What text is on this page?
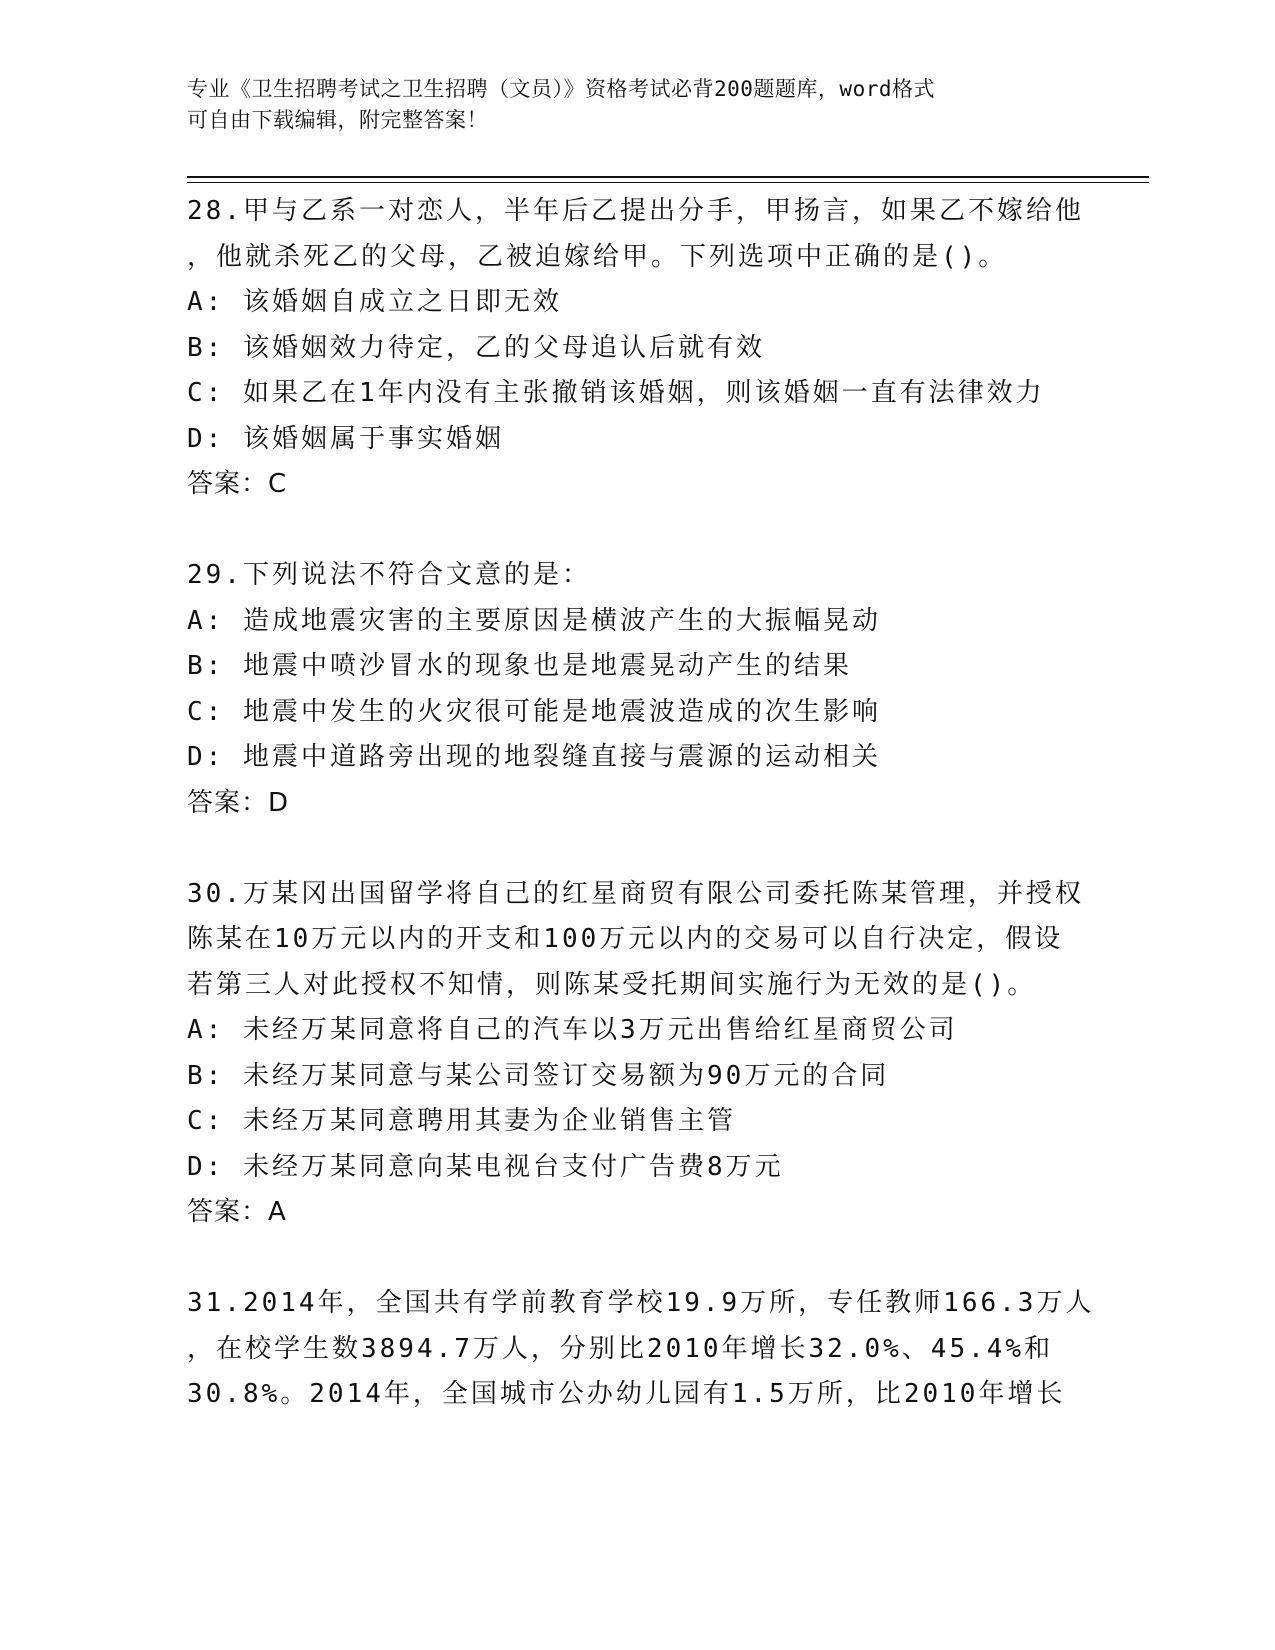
专业《卫生招聘考试之卫生招聘（文员）》资格考试必背200题题库，word格式
可自由下载编辑，附完整答案！
28.甲与乙系一对恋人，半年后乙提出分手，甲扬言，如果乙不嫁给他
，他就杀死乙的父母，乙被迫嫁给甲。下列选项中正确的是()。
A: 该婚姻自成立之日即无效
B: 该婚姻效力待定，乙的父母追认后就有效
C: 如果乙在1年内没有主张撤销该婚姻，则该婚姻一直有法律效力
D: 该婚姻属于事实婚姻
答案：C
29.下列说法不符合文意的是：
A: 造成地震灾害的主要原因是横波产生的大振幅晃动
B: 地震中喷沙冒水的现象也是地震晃动产生的结果
C: 地震中发生的火灾很可能是地震波造成的次生影响
D: 地震中道路旁出现的地裂缝直接与震源的运动相关
答案：D
30.万某冈出国留学将自己的红星商贸有限公司委托陈某管理，并授权
陈某在10万元以内的开支和100万元以内的交易可以自行决定，假设
若第三人对此授权不知情，则陈某受托期间实施行为无效的是()。
A: 未经万某同意将自己的汽车以3万元出售给红星商贸公司
B: 未经万某同意与某公司签订交易额为90万元的合同
C: 未经万某同意聘用其妻为企业销售主管
D: 未经万某同意向某电视台支付广告费8万元
答案：A
31.2014年，全国共有学前教育学校19.9万所，专任教师166.3万人
，在校学生数3894.7万人，分别比2010年增长32.0%、45.4%和
30.8%。2014年，全国城市公办幼儿园有1.5万所，比2010年增长
